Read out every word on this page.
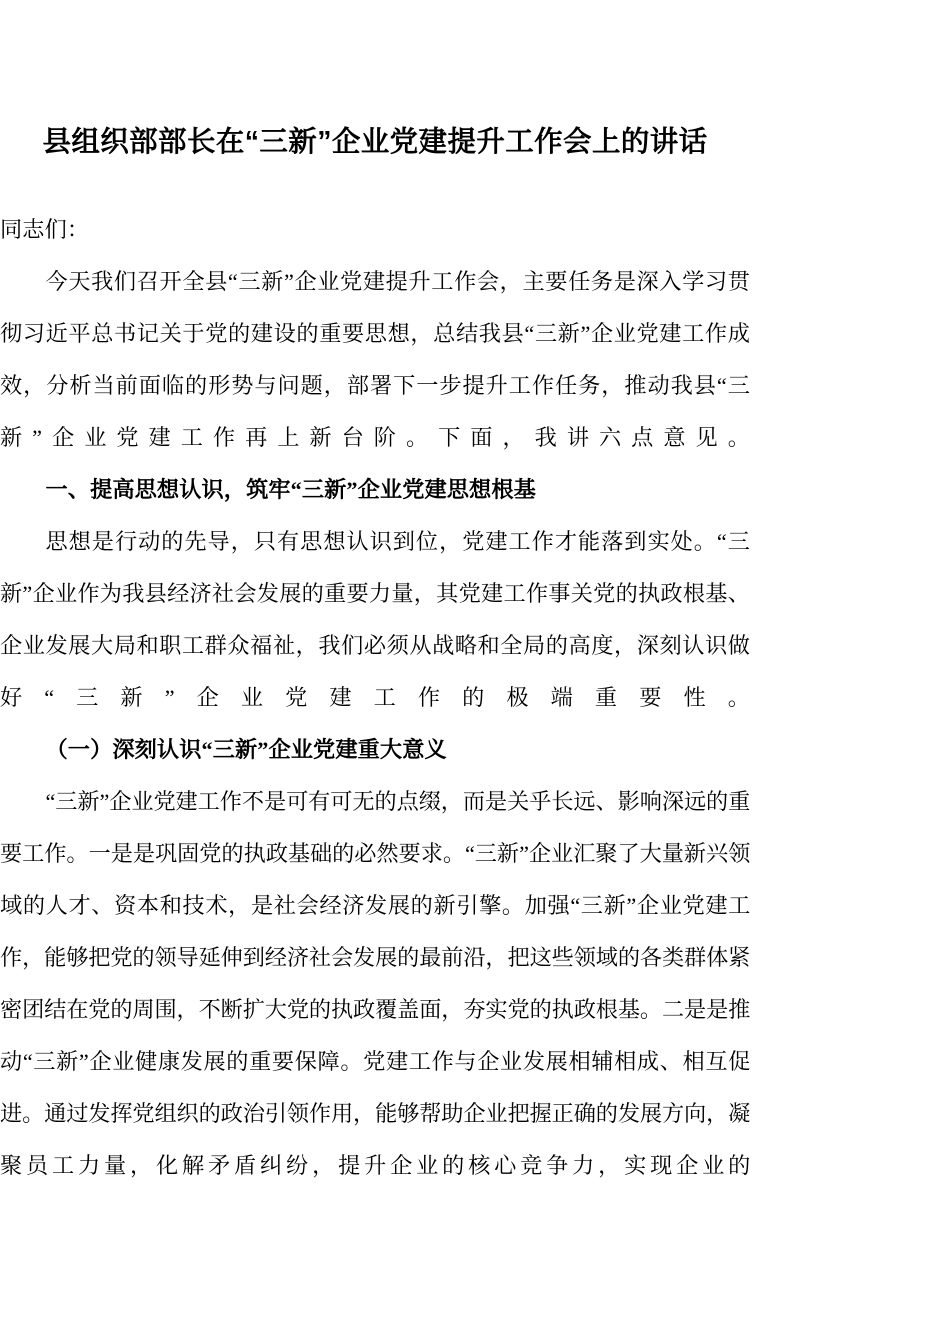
县组织部部长在“三新”企业党建提升工作会上的讲话

同志们：

今天我们召开全县“三新”企业党建提升工作会，主要任务是深入学习贯彻习近平总书记关于党的建设的重要思想，总结我县“三新”企业党建工作成效，分析当前面临的形势与问题，部署下一步提升工作任务，推动我县“三新”企业党建工作再上新台阶。下面，我讲六点意见。

一、提高思想认识，筑牢“三新”企业党建思想根基

思想是行动的先导，只有思想认识到位，党建工作才能落到实处。“三新”企业作为我县经济社会发展的重要力量，其党建工作事关党的执政根基、企业发展大局和职工群众福祉，我们必须从战略和全局的高度，深刻认识做好“三新”企业党建工作的极端重要性。

（一）深刻认识“三新”企业党建重大意义

“三新”企业党建工作不是可有可无的点缀，而是关乎长远、影响深远的重要工作。一是是巩固党的执政基础的必然要求。“三新”企业汇聚了大量新兴领域的人才、资本和技术，是社会经济发展的新引擎。加强“三新”企业党建工作，能够把党的领导延伸到经济社会发展的最前沿，把这些领域的各类群体紧密团结在党的周围，不断扩大党的执政覆盖面，夯实党的执政根基。二是是推动“三新”企业健康发展的重要保障。党建工作与企业发展相辅相成、相互促进。通过发挥党组织的政治引领作用，能够帮助企业把握正确的发展方向，凝聚员工力量，化解矛盾纠纷，提升企业的核心竞争力，实现企业的
